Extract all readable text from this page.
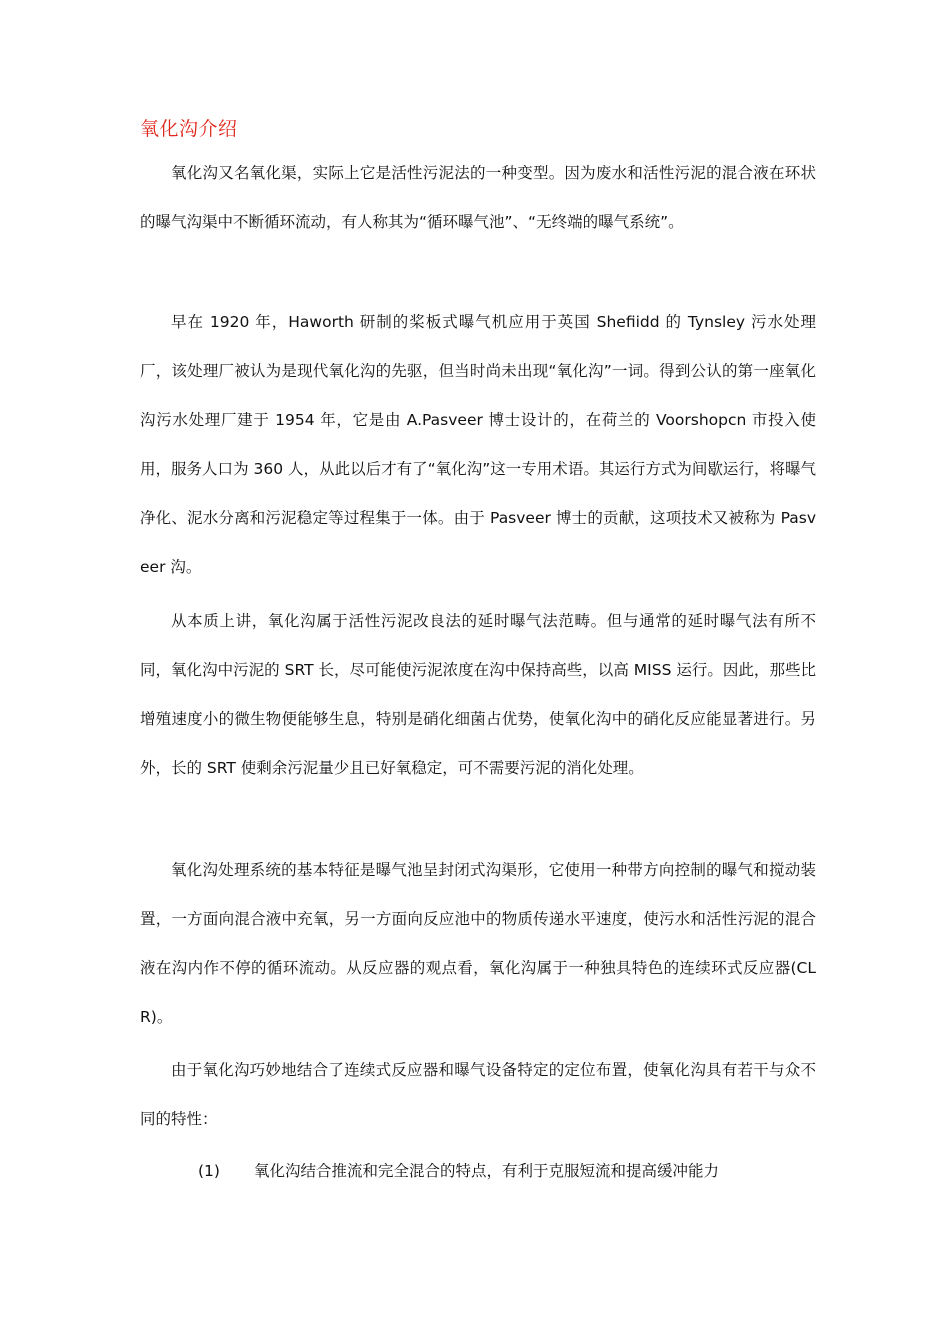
氧化沟介绍
氧化沟又名氧化渠，实际上它是活性污泥法的一种变型。因为废水和活性污泥的混合液在环状的曝气沟渠中不断循环流动，有人称其为“循环曝气池”、“无终端的曝气系统”。
早在 1920 年，Haworth 研制的桨板式曝气机应用于英国 Shefiidd 的 Tynsley 污水处理厂，该处理厂被认为是现代氧化沟的先驱，但当时尚未出现“氧化沟”一词。得到公认的第一座氧化沟污水处理厂建于 1954 年，它是由 A.Pasveer 博士设计的，在荷兰的 Voorshopcn 市投入使用，服务人口为 360 人，从此以后才有了“氧化沟”这一专用术语。其运行方式为间歇运行，将曝气净化、泥水分离和污泥稳定等过程集于一体。由于 Pasveer 博士的贡献，这项技术又被称为 Pasveer 沟。
从本质上讲，氧化沟属于活性污泥改良法的延时曝气法范畴。但与通常的延时曝气法有所不同，氧化沟中污泥的 SRT 长，尽可能使污泥浓度在沟中保持高些，以高 MISS 运行。因此，那些比增殖速度小的微生物便能够生息，特别是硝化细菌占优势，使氧化沟中的硝化反应能显著进行。另外，长的 SRT 使剩余污泥量少且已好氧稳定，可不需要污泥的消化处理。
氧化沟处理系统的基本特征是曝气池呈封闭式沟渠形，它使用一种带方向控制的曝气和搅动装置，一方面向混合液中充氧，另一方面向反应池中的物质传递水平速度，使污水和活性污泥的混合液在沟内作不停的循环流动。从反应器的观点看，氧化沟属于一种独具特色的连续环式反应器(CLR)。
由于氧化沟巧妙地结合了连续式反应器和曝气设备特定的定位布置，使氧化沟具有若干与众不同的特性：
(1) 氧化沟结合推流和完全混合的特点，有利于克服短流和提高缓冲能力
